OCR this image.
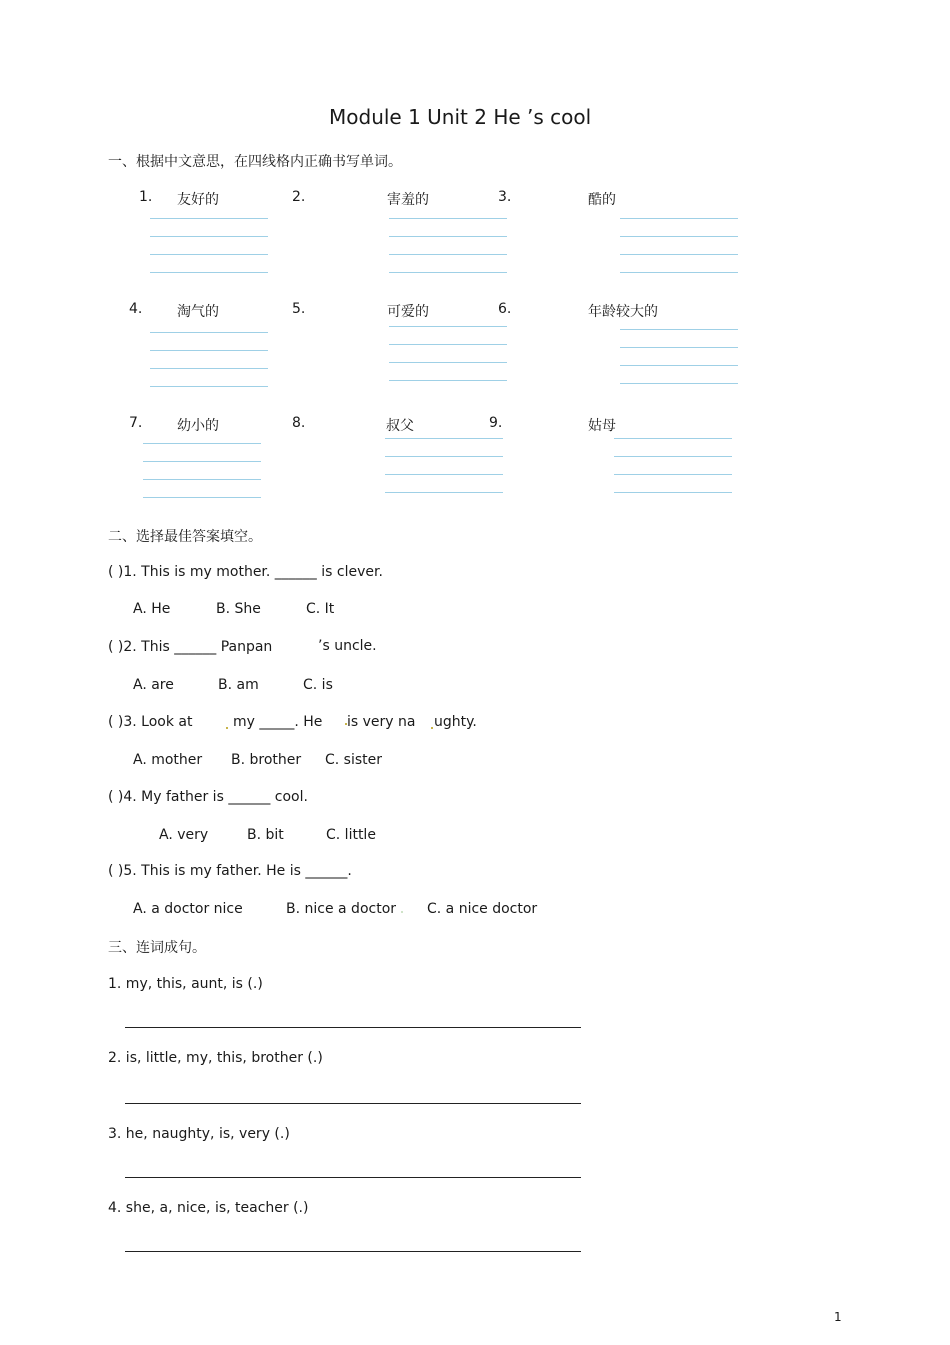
Module 1 Unit 2 He ’s cool
一、根据中文意思，在四线格内正确书写单词。
1. 友好的	2.	害羞的	3.	酷的
4. 淘气的	5.	可爱的	6.	年龄较大的
7. 幼小的	8.	叔父	9.	姑母
二、选择最佳答案填空。
( )1. This is my mother. ______ is clever.
A. He	B. She	C. It
( )2. This ______ Panpan	’s uncle.
A. are	B. am	C. is
( )3. Look at	my _____. He is very na ughty.
A. mother B. brother C. sister
( )4. My father is ______ cool.
A. very	B. bit	C. little
( )5. This is my father. He is ______.
A. a doctor nice	B. nice a doctor C. a nice doctor
三、连词成句。
1. my, this, aunt, is (.)
2. is, little, my, this, brother (.)
3. he, naughty, is, very (.)
4. she, a, nice, is, teacher (.)
1
